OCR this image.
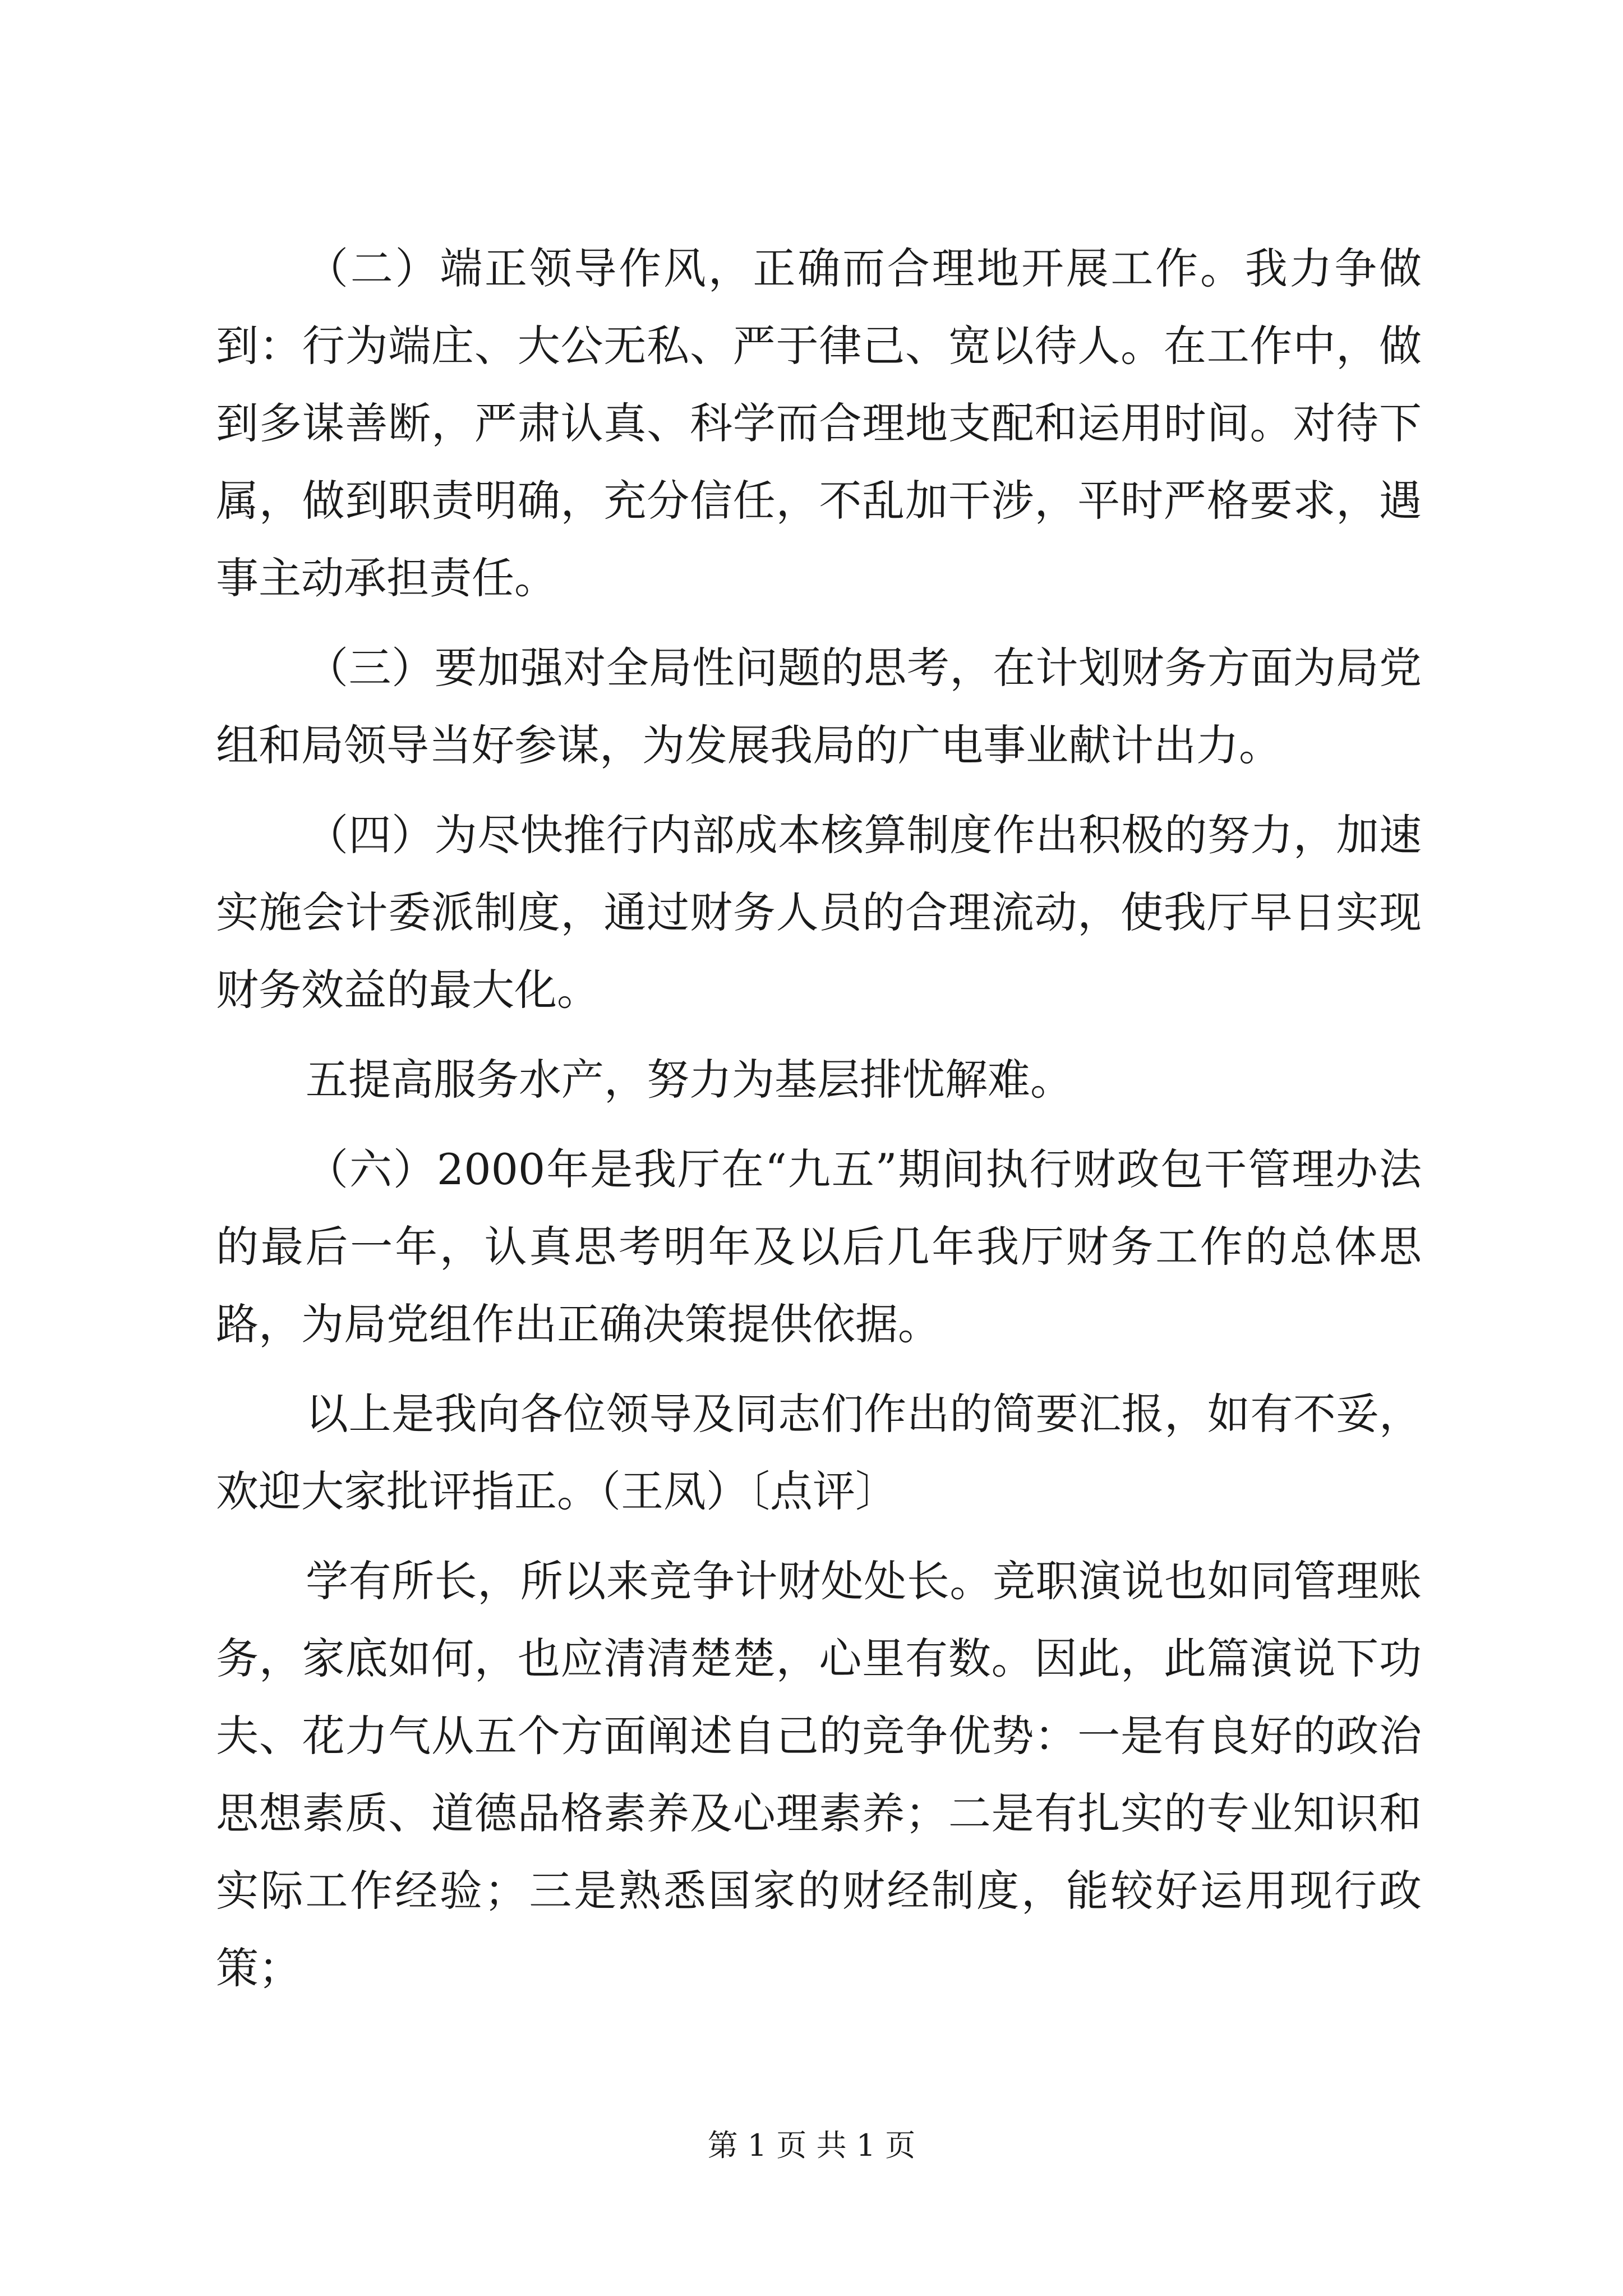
（二）端正领导作风，正确而合理地开展工作。我力争做到：行为端庄、大公无私、严于律己、宽以待人。在工作中，做到多谋善断，严肃认真、科学而合理地支配和运用时间。对待下属，做到职责明确，充分信任，不乱加干涉，平时严格要求，遇事主动承担责任。

（三）要加强对全局性问题的思考，在计划财务方面为局党组和局领导当好参谋，为发展我局的广电事业献计出力。

（四）为尽快推行内部成本核算制度作出积极的努力，加速实施会计委派制度，通过财务人员的合理流动，使我厅早日实现财务效益的最大化。

五提高服务水产，努力为基层排忧解难。

（六）2000年是我厅在“九五”期间执行财政包干管理办法的最后一年，认真思考明年及以后几年我厅财务工作的总体思路，为局党组作出正确决策提供依据。

以上是我向各位领导及同志们作出的简要汇报，如有不妥，欢迎大家批评指正。（王凤）〔点评〕

学有所长，所以来竞争计财处处长。竞职演说也如同管理账务，家底如何，也应清清楚楚，心里有数。因此，此篇演说下功夫、花力气从五个方面阐述自己的竞争优势：一是有良好的政治思想素质、道德品格素养及心理素养；二是有扎实的专业知识和实际工作经验；三是熟悉国家的财经制度，能较好运用现行政策；

第 1 页 共 1 页
